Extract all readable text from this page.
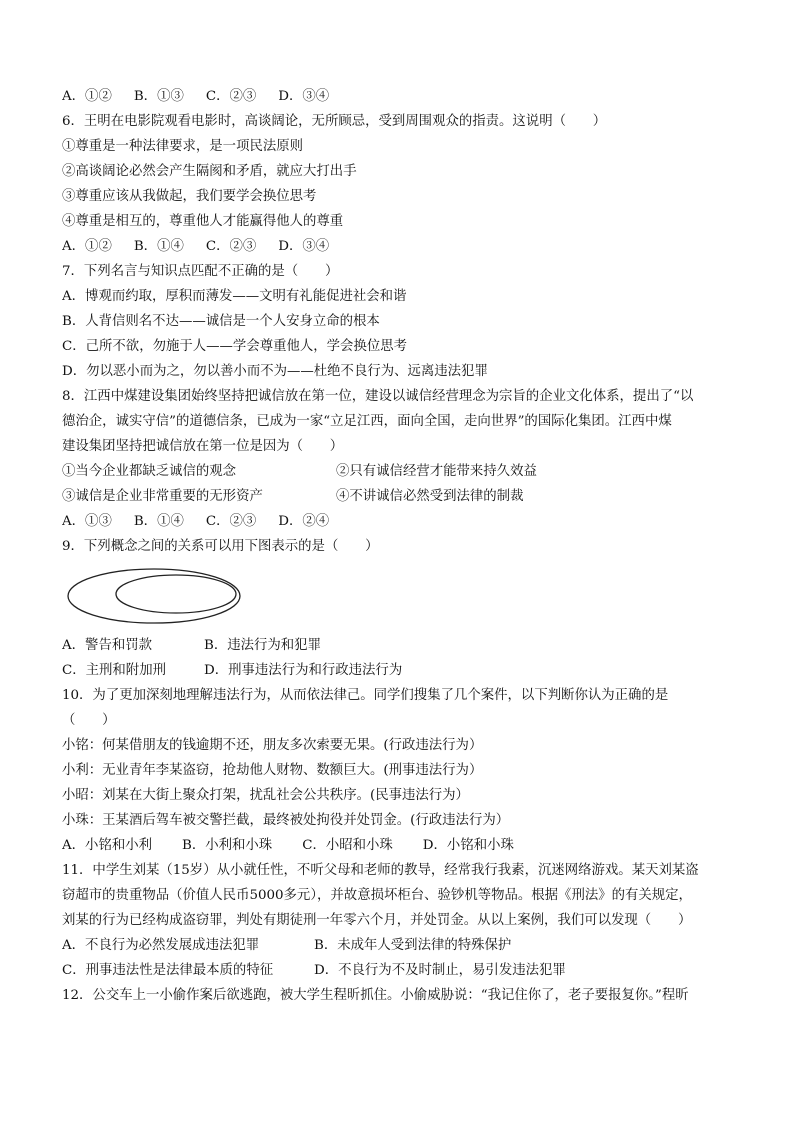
A．①② B．①③ C．②③ D．③④
6．王明在电影院观看电影时，高谈阔论，无所顾忌，受到周围观众的指责。这说明（　　）
①尊重是一种法律要求，是一项民法原则
②高谈阔论必然会产生隔阂和矛盾，就应大打出手
③尊重应该从我做起，我们要学会换位思考
④尊重是相互的，尊重他人才能赢得他人的尊重
A．①② B．①④ C．②③ D．③④
7．下列名言与知识点匹配不正确的是（　　）
A．博观而约取，厚积而薄发——文明有礼能促进社会和谐
B．人背信则名不达——诚信是一个人安身立命的根本
C．己所不欲，勿施于人——学会尊重他人，学会换位思考
D．勿以恶小而为之，勿以善小而不为——杜绝不良行为、远离违法犯罪
8．江西中煤建设集团始终坚持把诚信放在第一位，建设以诚信经营理念为宗旨的企业文化体系，提出了“以
德治企，诚实守信”的道德信条，已成为一家“立足江西，面向全国，走向世界”的国际化集团。江西中煤
建设集团坚持把诚信放在第一位是因为（　　）
①当今企业都缺乏诚信的观念	②只有诚信经营才能带来持久效益
③诚信是企业非常重要的无形资产	④不讲诚信必然受到法律的制裁
A．①③ B．①④ C．②③ D．②④
9．下列概念之间的关系可以用下图表示的是（　　）
A．警告和罚款	B．违法行为和犯罪
C．主刑和附加刑	D．刑事违法行为和行政违法行为
10．为了更加深刻地理解违法行为，从而依法律己。同学们搜集了几个案件，以下判断你认为正确的是
（　　）
小铭：何某借朋友的钱逾期不还，朋友多次索要无果。(行政违法行为）
小利：无业青年李某盗窃，抢劫他人财物、数额巨大。(刑事违法行为）
小昭：刘某在大街上聚众打架，扰乱社会公共秩序。(民事违法行为）
小珠：王某酒后驾车被交警拦截，最终被处拘役并处罚金。(行政违法行为）
A．小铭和小利 B．小利和小珠 C．小昭和小珠 D．小铭和小珠
11．中学生刘某（15岁）从小就任性，不听父母和老师的教导，经常我行我素，沉迷网络游戏。某天刘某盗
窃超市的贵重物品（价值人民币5000多元），并故意损坏柜台、验钞机等物品。根据《刑法》的有关规定，
刘某的行为已经构成盗窃罪，判处有期徒刑一年零六个月，并处罚金。从以上案例，我们可以发现（　　）
A．不良行为必然发展成违法犯罪	B．未成年人受到法律的特殊保护
C．刑事违法性是法律最本质的特征	D．不良行为不及时制止，易引发违法犯罪
12．公交车上一小偷作案后欲逃跑，被大学生程昕抓住。小偷威胁说：“我记住你了，老子要报复你。”程昕
